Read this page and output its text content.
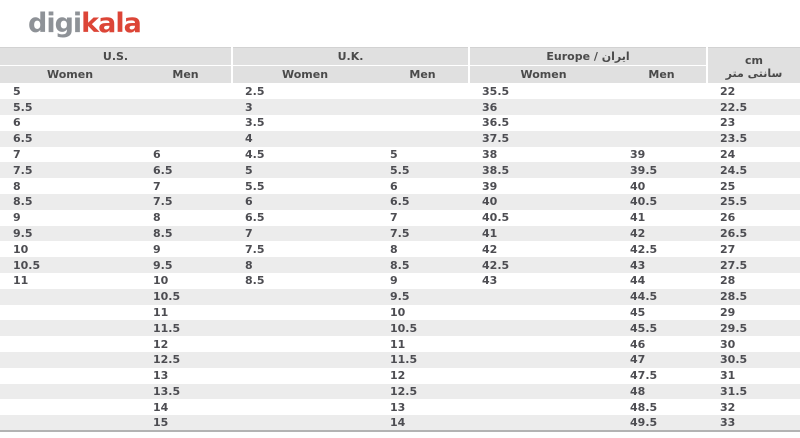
digikala
U.S.		U.K.		Europe / ایران		cm
سانتی متر

Women	Men	Women	Men	Women	Men	
5		2.5		35.5		22
5.5		3		36		22.5
6		3.5		36.5		23
6.5		4		37.5		23.5
7	6	4.5	5	38	39	24
7.5	6.5	5	5.5	38.5	39.5	24.5
8	7	5.5	6	39	40	25
8.5	7.5	6	6.5	40	40.5	25.5
9	8	6.5	7	40.5	41	26
9.5	8.5	7	7.5	41	42	26.5
10	9	7.5	8	42	42.5	27
10.5	9.5	8	8.5	42.5	43	27.5
11	10	8.5	9	43	44	28
	10.5		9.5		44.5	28.5
	11		10		45	29
	11.5		10.5		45.5	29.5
	12		11		46	30
	12.5		11.5		47	30.5
	13		12		47.5	31
	13.5		12.5		48	31.5
	14		13		48.5	32
	15		14		49.5	33
